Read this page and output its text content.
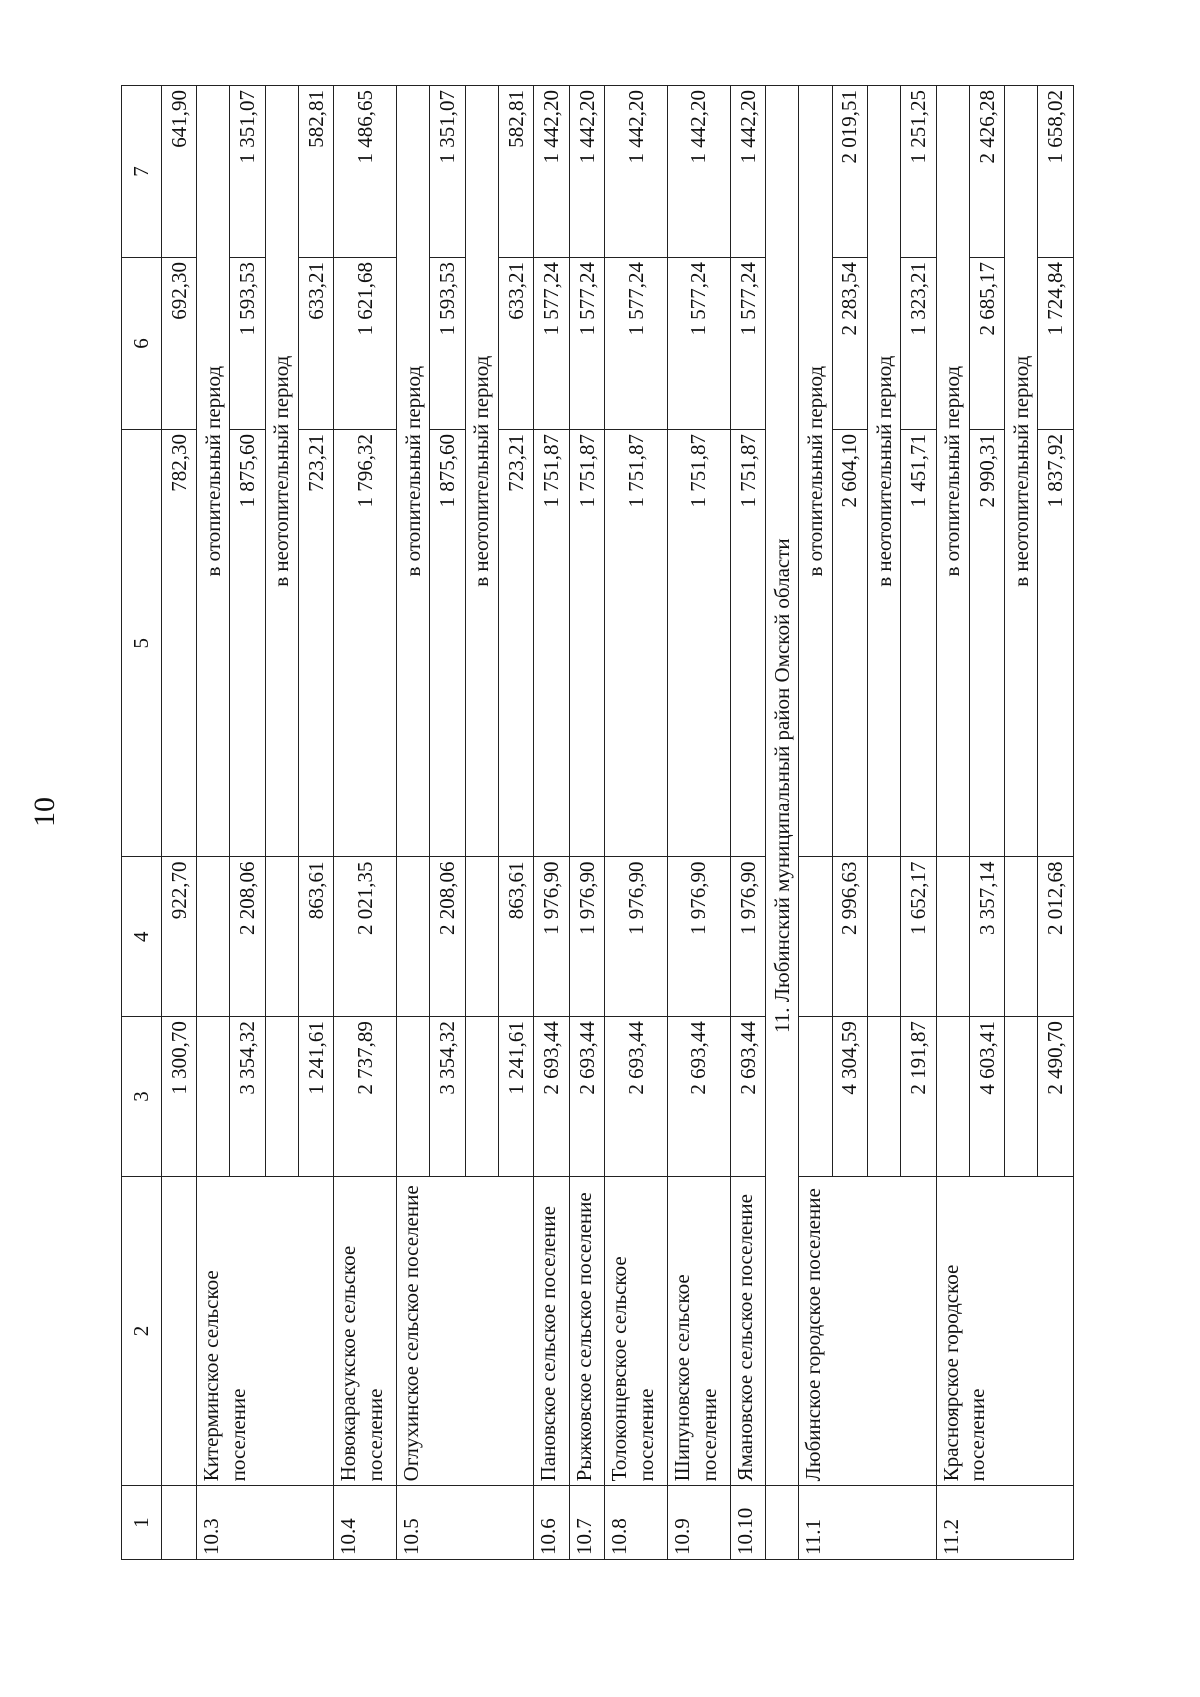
10
1	2	3	4	5	6	7
		1 300,70	922,70	782,30	692,30	641,90
10.3	Китерминское сельское поселение			в отопительный период		
		3 354,32	2 208,06	1 875,60	1 593,53	1 351,07
				в неотопительный период		
		1 241,61	863,61	723,21	633,21	582,81
10.4	Новокарасукское сельское поселение	2 737,89	2 021,35	1 796,32	1 621,68	1 486,65
10.5	Оглухинское сельское поселение			в отопительный период		
		3 354,32	2 208,06	1 875,60	1 593,53	1 351,07
				в неотопительный период		
		1 241,61	863,61	723,21	633,21	582,81
10.6	Пановское сельское поселение	2 693,44	1 976,90	1 751,87	1 577,24	1 442,20
10.7	Рыжковское сельское поселение	2 693,44	1 976,90	1 751,87	1 577,24	1 442,20
10.8	Толоконцевское сельское поселение	2 693,44	1 976,90	1 751,87	1 577,24	1 442,20
10.9	Шипуновское сельское поселение	2 693,44	1 976,90	1 751,87	1 577,24	1 442,20
10.10	Ямановское сельское поселение	2 693,44	1 976,90	1 751,87	1 577,24	1 442,20
	11. Любинский муниципальный район Омской области					
11.1	Любинское городское поселение			в отопительный период		
		4 304,59	2 996,63	2 604,10	2 283,54	2 019,51
				в неотопительный период		
		2 191,87	1 652,17	1 451,71	1 323,21	1 251,25
11.2	Красноярское городское поселение			в отопительный период		
		4 603,41	3 357,14	2 990,31	2 685,17	2 426,28
				в неотопительный период		
		2 490,70	2 012,68	1 837,92	1 724,84	1 658,02
